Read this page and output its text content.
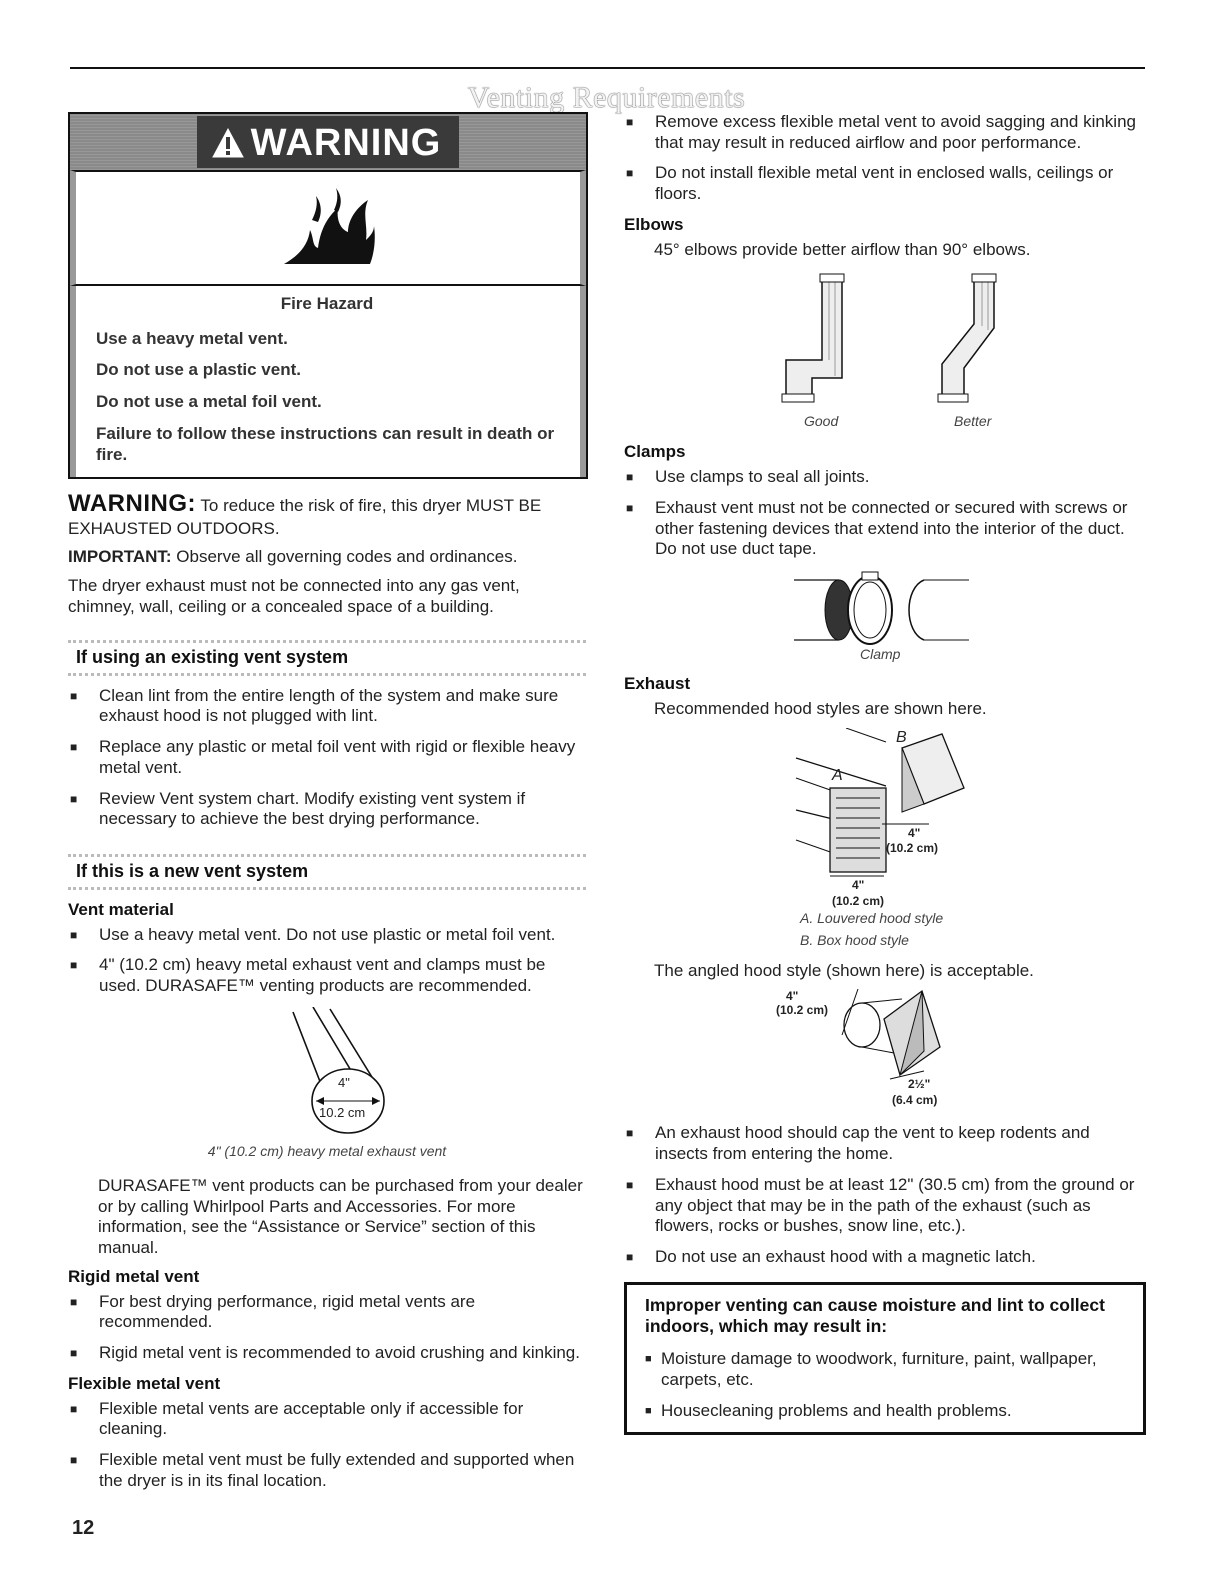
Venting Requirements
WARNING

Fire Hazard

Use a heavy metal vent.

Do not use a plastic vent.

Do not use a metal foil vent.

Failure to follow these instructions can result in death or fire.

WARNING: To reduce the risk of fire, this dryer MUST BE EXHAUSTED OUTDOORS.

IMPORTANT: Observe all governing codes and ordinances.

The dryer exhaust must not be connected into any gas vent, chimney, wall, ceiling or a concealed space of a building.

If using an existing vent system
■ Clean lint from the entire length of the system and make sure exhaust hood is not plugged with lint.
■ Replace any plastic or metal foil vent with rigid or flexible heavy metal vent.
■ Review Vent system chart. Modify existing vent system if necessary to achieve the best drying performance.
If this is a new vent system
Vent material
■ Use a heavy metal vent. Do not use plastic or metal foil vent.
■ 4" (10.2 cm) heavy metal exhaust vent and clamps must be used. DURASAFE™ venting products are recommended.
4"
10.2 cm
4" (10.2 cm) heavy metal exhaust vent

DURASAFE™ vent products can be purchased from your dealer or by calling Whirlpool Parts and Accessories. For more information, see the “Assistance or Service” section of this manual.

Rigid metal vent
■ For best drying performance, rigid metal vents are recommended.
■ Rigid metal vent is recommended to avoid crushing and kinking.
Flexible metal vent
■ Flexible metal vents are acceptable only if accessible for cleaning.
■ Flexible metal vent must be fully extended and supported when the dryer is in its final location.
■ Remove excess flexible metal vent to avoid sagging and kinking that may result in reduced airflow and poor performance.
■ Do not install flexible metal vent in enclosed walls, ceilings or floors.
Elbows

45° elbows provide better airflow than 90° elbows.

Good	Better
Clamps
■ Use clamps to seal all joints.
■ Exhaust vent must not be connected or secured with screws or other fastening devices that extend into the interior of the duct. Do not use duct tape.
Clamp
Exhaust

Recommended hood styles are shown here.

B
A
4"
(10.2 cm)
4"
(10.2 cm)
A. Louvered hood style
B. Box hood style

The angled hood style (shown here) is acceptable.

4"
(10.2 cm)
2½"
(6.4 cm)
■ An exhaust hood should cap the vent to keep rodents and insects from entering the home.
■ Exhaust hood must be at least 12" (30.5 cm) from the ground or any object that may be in the path of the exhaust (such as flowers, rocks or bushes, snow line, etc.).
■ Do not use an exhaust hood with a magnetic latch.
Improper venting can cause moisture and lint to collect indoors, which may result in:
■ Moisture damage to woodwork, furniture, paint, wallpaper, carpets, etc.
■ Housecleaning problems and health problems.
12
